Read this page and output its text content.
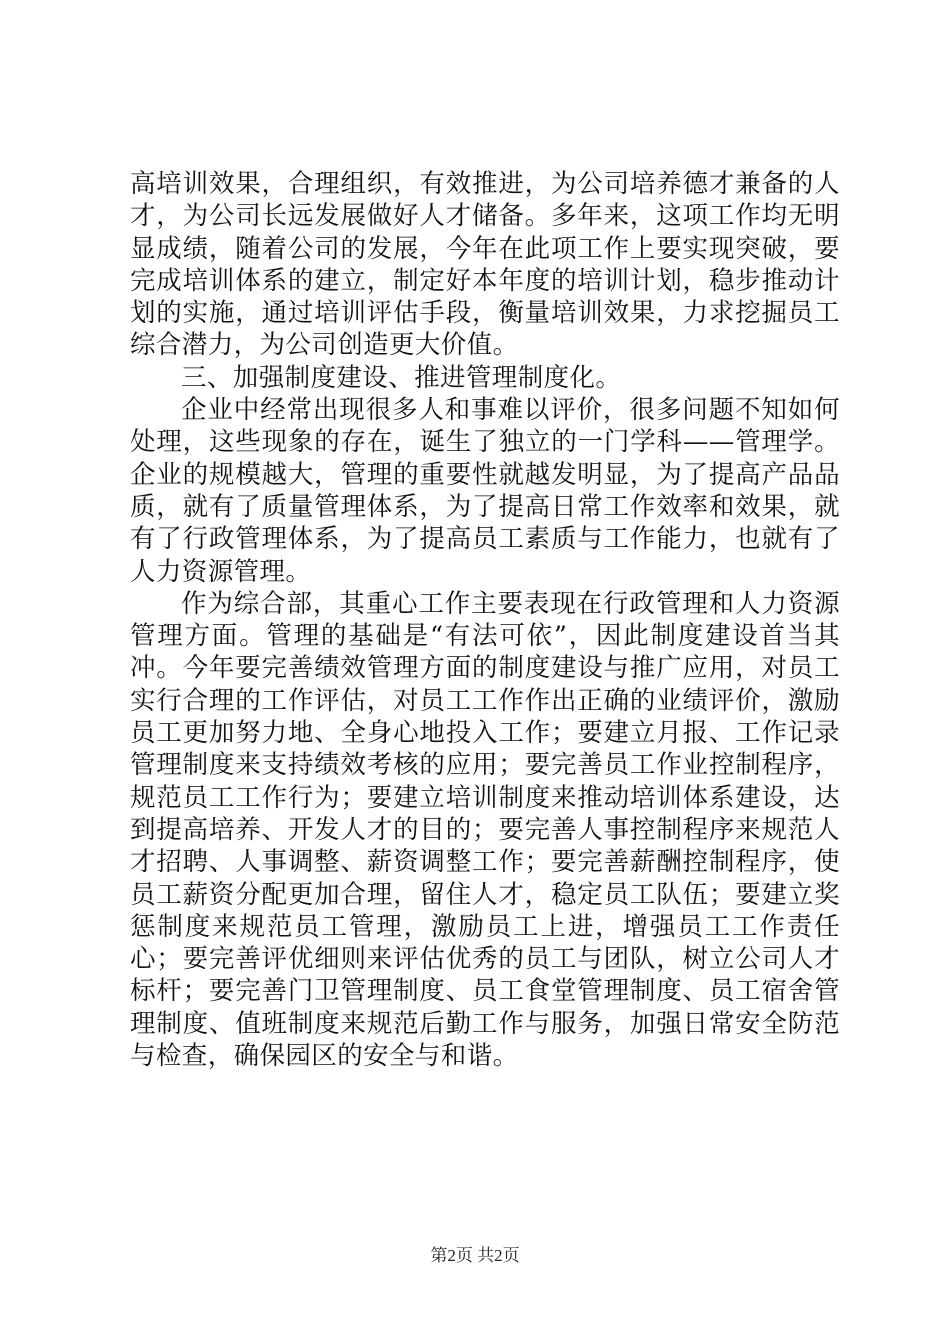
高培训效果，合理组织，有效推进，为公司培养德才兼备的人才，为公司长远发展做好人才储备。多年来，这项工作均无明显成绩，随着公司的发展，今年在此项工作上要实现突破，要完成培训体系的建立，制定好本年度的培训计划，稳步推动计划的实施，通过培训评估手段，衡量培训效果，力求挖掘员工综合潜力，为公司创造更大价值。

三、加强制度建设、推进管理制度化。

企业中经常出现很多人和事难以评价，很多问题不知如何处理，这些现象的存在，诞生了独立的一门学科——管理学。企业的规模越大，管理的重要性就越发明显，为了提高产品品质，就有了质量管理体系，为了提高日常工作效率和效果，就有了行政管理体系，为了提高员工素质与工作能力，也就有了人力资源管理。

作为综合部，其重心工作主要表现在行政管理和人力资源管理方面。管理的基础是“有法可依”，因此制度建设首当其冲。今年要完善绩效管理方面的制度建设与推广应用，对员工实行合理的工作评估，对员工工作作出正确的业绩评价，激励员工更加努力地、全身心地投入工作；要建立月报、工作记录管理制度来支持绩效考核的应用；要完善员工作业控制程序，规范员工工作行为；要建立培训制度来推动培训体系建设，达到提高培养、开发人才的目的；要完善人事控制程序来规范人才招聘、人事调整、薪资调整工作；要完善薪酬控制程序，使员工薪资分配更加合理，留住人才，稳定员工队伍；要建立奖惩制度来规范员工管理，激励员工上进，增强员工工作责任心；要完善评优细则来评估优秀的员工与团队，树立公司人才标杆；要完善门卫管理制度、员工食堂管理制度、员工宿舍管理制度、值班制度来规范后勤工作与服务，加强日常安全防范与检查，确保园区的安全与和谐。

第2页 共2页
